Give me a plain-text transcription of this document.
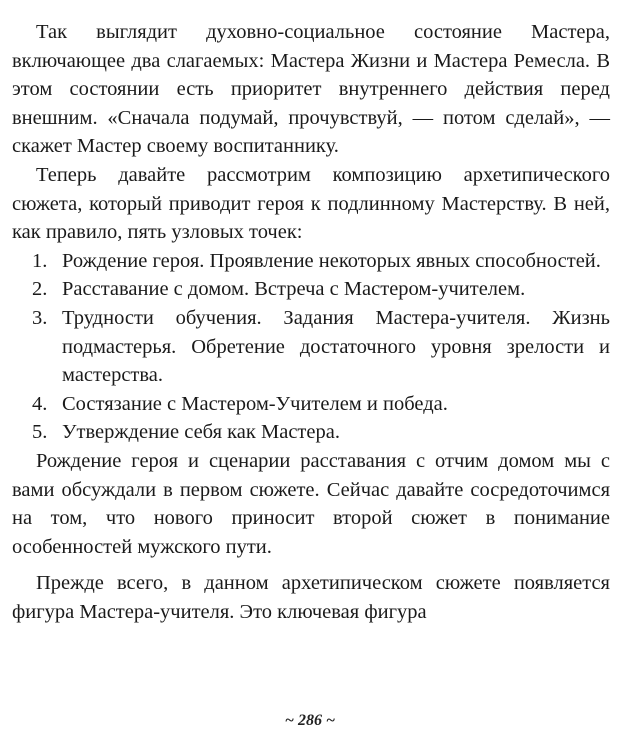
Так выглядит духовно-социальное состояние Мастера, включающее два слагаемых: Мастера Жизни и Мастера Ремесла. В этом состоянии есть приоритет внутреннего действия перед внешним. «Сначала подумай, прочувствуй, — потом сделай», — скажет Мастер своему воспитаннику.

Теперь давайте рассмотрим композицию архетипического сюжета, который приводит героя к подлинному Мастерству. В ней, как правило, пять узловых точек:

1. Рождение героя. Проявление некоторых явных способностей.
2. Расставание с домом. Встреча с Мастером-учителем.
3. Трудности обучения. Задания Мастера-учителя. Жизнь подмастерья. Обретение достаточного уровня зрелости и мастерства.
4. Состязание с Мастером-Учителем и победа.
5. Утверждение себя как Мастера.

Рождение героя и сценарии расставания с отчим домом мы с вами обсуждали в первом сюжете. Сейчас давайте сосредоточимся на том, что нового приносит второй сюжет в понимание особенностей мужского пути.

Прежде всего, в данном архетипическом сюжете появляется фигура Мастера-учителя. Это ключевая фигура

~ 286 ~
